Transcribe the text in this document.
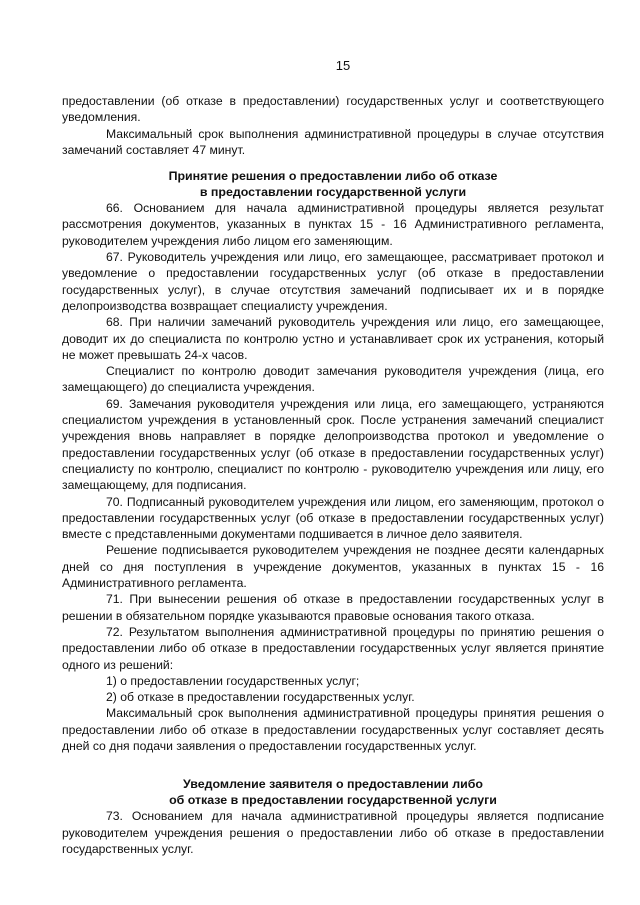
15

предоставлении (об отказе в предоставлении) государственных услуг и соответствующего уведомления.

Максимальный срок выполнения административной процедуры в случае отсутствия замечаний составляет 47 минут.

Принятие решения о предоставлении либо об отказе
в предоставлении государственной услуги

66. Основанием для начала административной процедуры является результат рассмотрения документов, указанных в пунктах 15 - 16 Административного регламента, руководителем учреждения либо лицом его заменяющим.

67. Руководитель учреждения или лицо, его замещающее, рассматривает протокол и уведомление о предоставлении государственных услуг (об отказе в предоставлении государственных услуг), в случае отсутствия замечаний подписывает их и в порядке делопроизводства возвращает специалисту учреждения.

68. При наличии замечаний руководитель учреждения или лицо, его замещающее, доводит их до специалиста по контролю устно и устанавливает срок их устранения, который не может превышать 24-х часов.

Специалист по контролю доводит замечания руководителя учреждения (лица, его замещающего) до специалиста учреждения.

69. Замечания руководителя учреждения или лица, его замещающего, устраняются специалистом учреждения в установленный срок. После устранения замечаний специалист учреждения вновь направляет в порядке делопроизводства протокол и уведомление о предоставлении государственных услуг (об отказе в предоставлении государственных услуг) специалисту по контролю, специалист по контролю - руководителю учреждения или лицу, его замещающему, для подписания.

70. Подписанный руководителем учреждения или лицом, его заменяющим, протокол о предоставлении государственных услуг (об отказе в предоставлении государственных услуг) вместе с представленными документами подшивается в личное дело заявителя.

Решение подписывается руководителем учреждения не позднее десяти календарных дней со дня поступления в учреждение документов, указанных в пунктах 15 - 16 Административного регламента.

71. При вынесении решения об отказе в предоставлении государственных услуг в решении в обязательном порядке указываются правовые основания такого отказа.

72. Результатом выполнения административной процедуры по принятию решения о предоставлении либо об отказе в предоставлении государственных услуг является принятие одного из решений:

1) о предоставлении государственных услуг;

2) об отказе в предоставлении государственных услуг.

Максимальный срок выполнения административной процедуры принятия решения о предоставлении либо об отказе в предоставлении государственных услуг составляет десять дней со дня подачи заявления о предоставлении государственных услуг.

Уведомление заявителя о предоставлении либо
об отказе в предоставлении государственной услуги

73. Основанием для начала административной процедуры является подписание руководителем учреждения решения о предоставлении либо об отказе в предоставлении государственных услуг.
